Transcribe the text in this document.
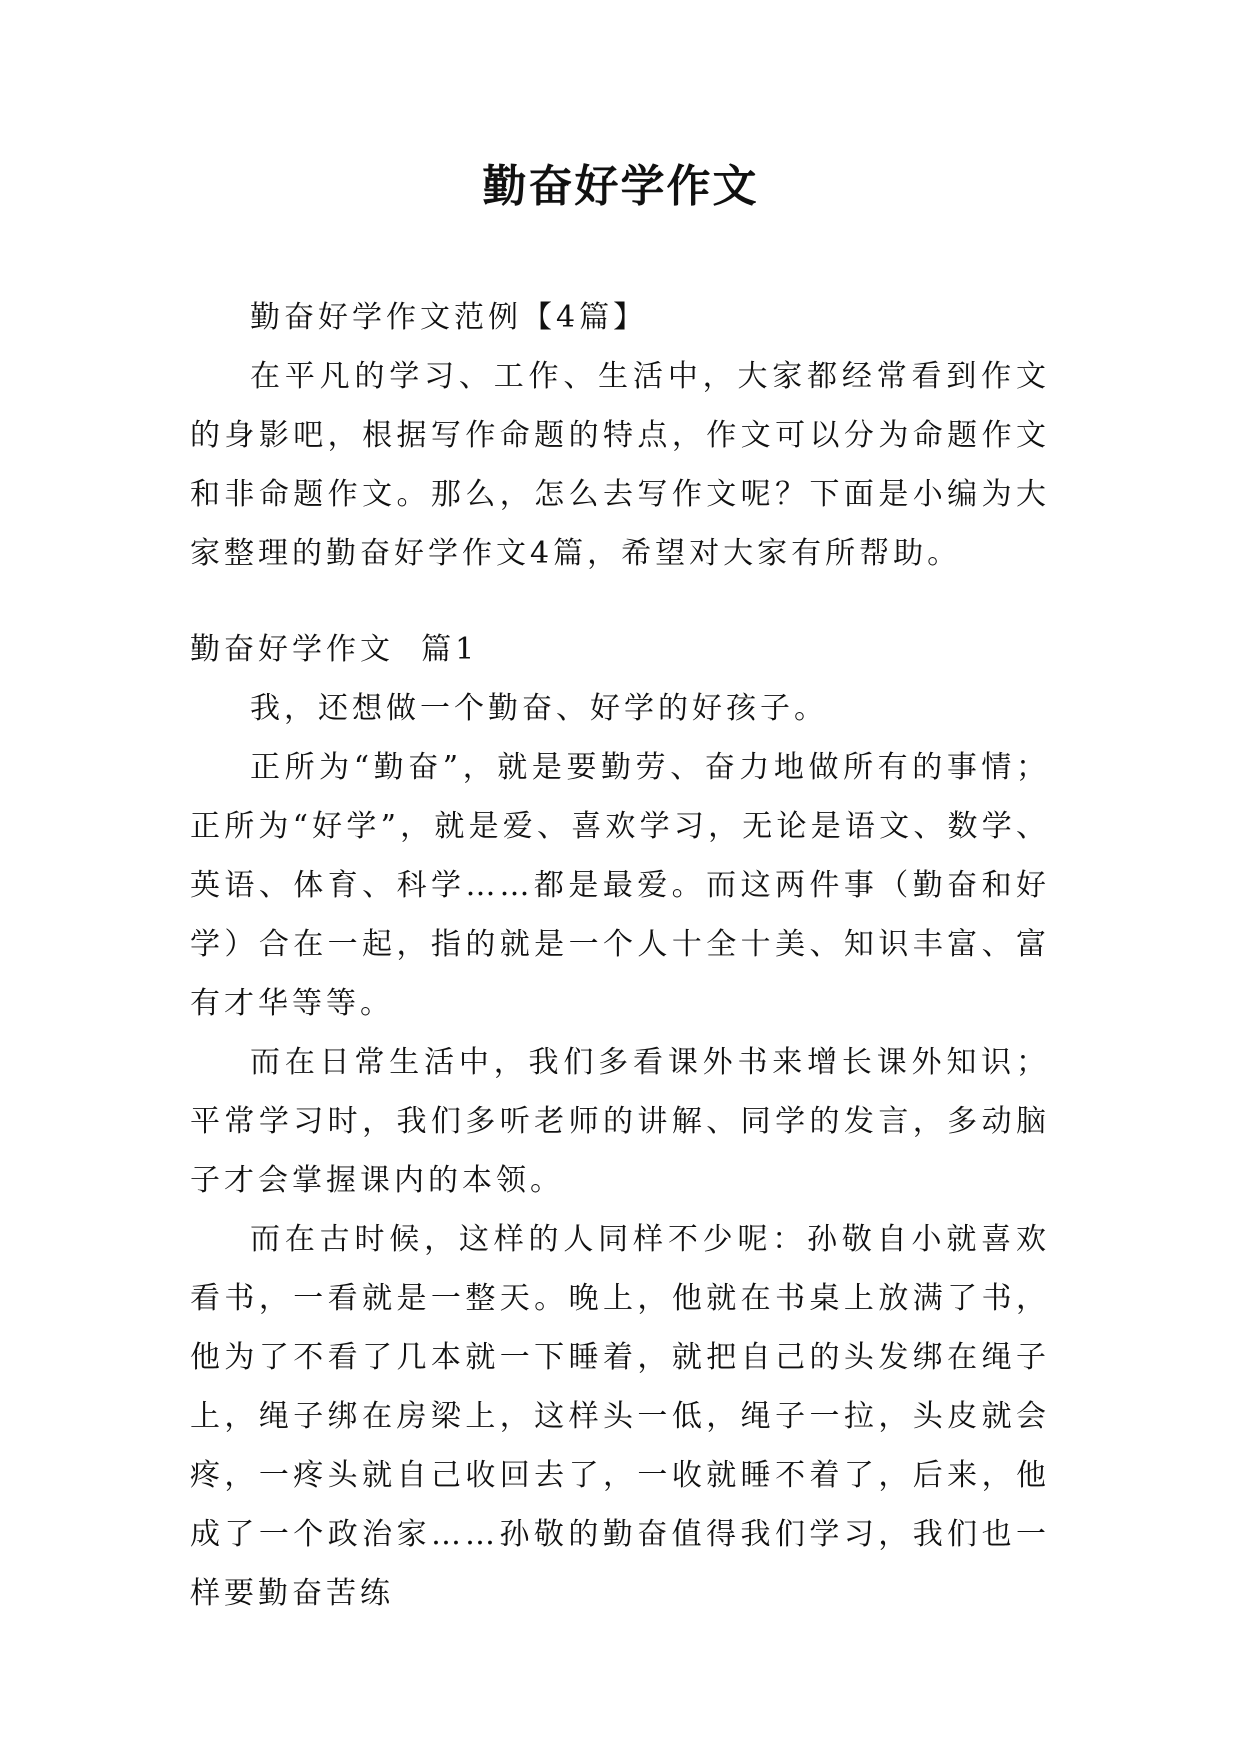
勤奋好学作文

勤奋好学作文范例【4篇】

在平凡的学习、工作、生活中，大家都经常看到作文的身影吧，根据写作命题的特点，作文可以分为命题作文和非命题作文。那么，怎么去写作文呢？下面是小编为大家整理的勤奋好学作文4篇，希望对大家有所帮助。

勤奋好学作文  篇1

我，还想做一个勤奋、好学的好孩子。

正所为“勤奋”，就是要勤劳、奋力地做所有的事情；正所为“好学”，就是爱、喜欢学习，无论是语文、数学、英语、体育、科学……都是最爱。而这两件事（勤奋和好学）合在一起，指的就是一个人十全十美、知识丰富、富有才华等等。

而在日常生活中，我们多看课外书来增长课外知识；平常学习时，我们多听老师的讲解、同学的发言，多动脑子才会掌握课内的本领。

而在古时候，这样的人同样不少呢：孙敬自小就喜欢看书，一看就是一整天。晚上，他就在书桌上放满了书，他为了不看了几本就一下睡着，就把自己的头发绑在绳子上，绳子绑在房梁上，这样头一低，绳子一拉，头皮就会疼，一疼头就自己收回去了，一收就睡不着了，后来，他成了一个政治家……孙敬的勤奋值得我们学习，我们也一样要勤奋苦练
